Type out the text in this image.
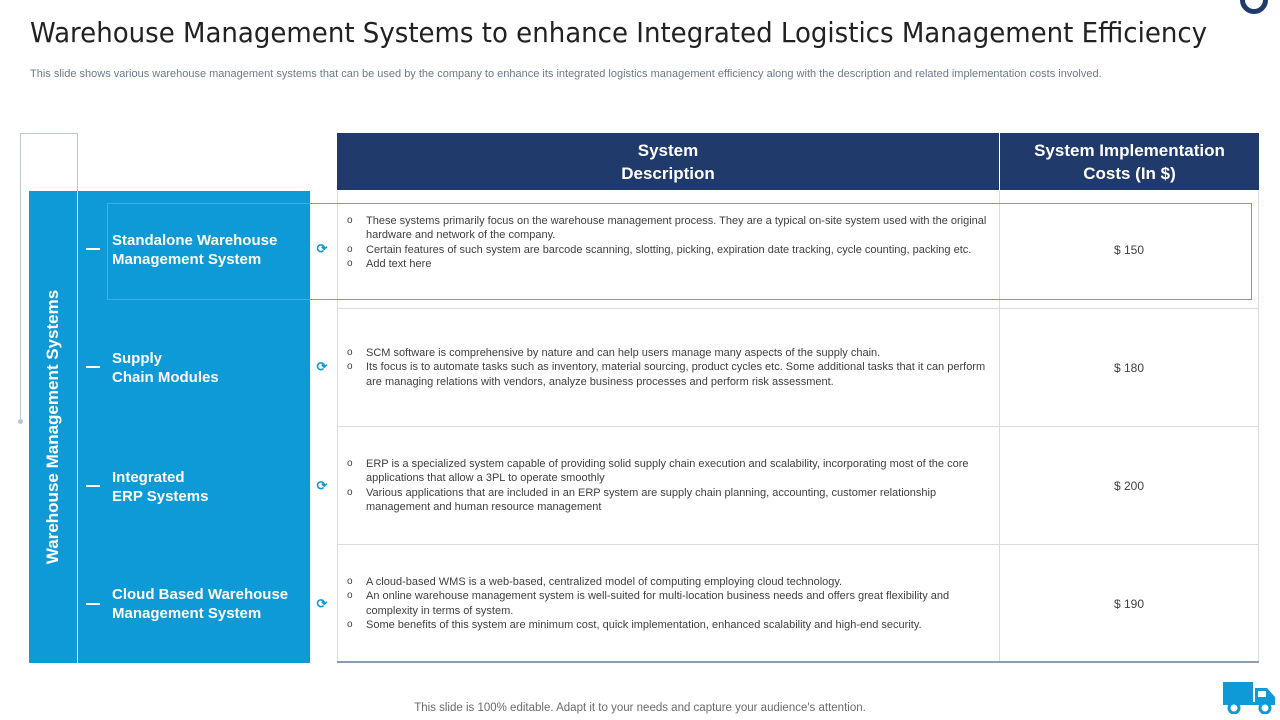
Warehouse Management Systems to enhance Integrated Logistics Management Efficiency

This slide shows various warehouse management systems that can be used by the company to enhance its integrated logistics management efficiency along with the description and related implementation costs involved.

Warehouse Management Systems
Standalone Warehouse
Management System
Supply
Chain Modules
Integrated
ERP Systems
Cloud Based Warehouse
Management System
⟳
⟳
⟳
⟳
System
Description
System Implementation
Costs (In $)
o These systems primarily focus on the warehouse management process. They are a typical on-site system used with the original hardware and network of the company.
o Certain features of such system are barcode scanning, slotting, picking, expiration date tracking, cycle counting, packing etc.
o Add text here
$ 150
o SCM software is comprehensive by nature and can help users manage many aspects of the supply chain.
o Its focus is to automate tasks such as inventory, material sourcing, product cycles etc. Some additional tasks that it can perform are managing relations with vendors, analyze business processes and perform risk assessment.
$ 180
o ERP is a specialized system capable of providing solid supply chain execution and scalability, incorporating most of the core applications that allow a 3PL to operate smoothly
o Various applications that are included in an ERP system are supply chain planning, accounting, customer relationship management and human resource management
$ 200
o A cloud-based WMS is a web-based, centralized model of computing employing cloud technology.
o An online warehouse management system is well-suited for multi-location business needs and offers great flexibility and complexity in terms of system.
o Some benefits of this system are minimum cost, quick implementation, enhanced scalability and high-end security.
$ 190

This slide is 100% editable. Adapt it to your needs and capture your audience's attention.
